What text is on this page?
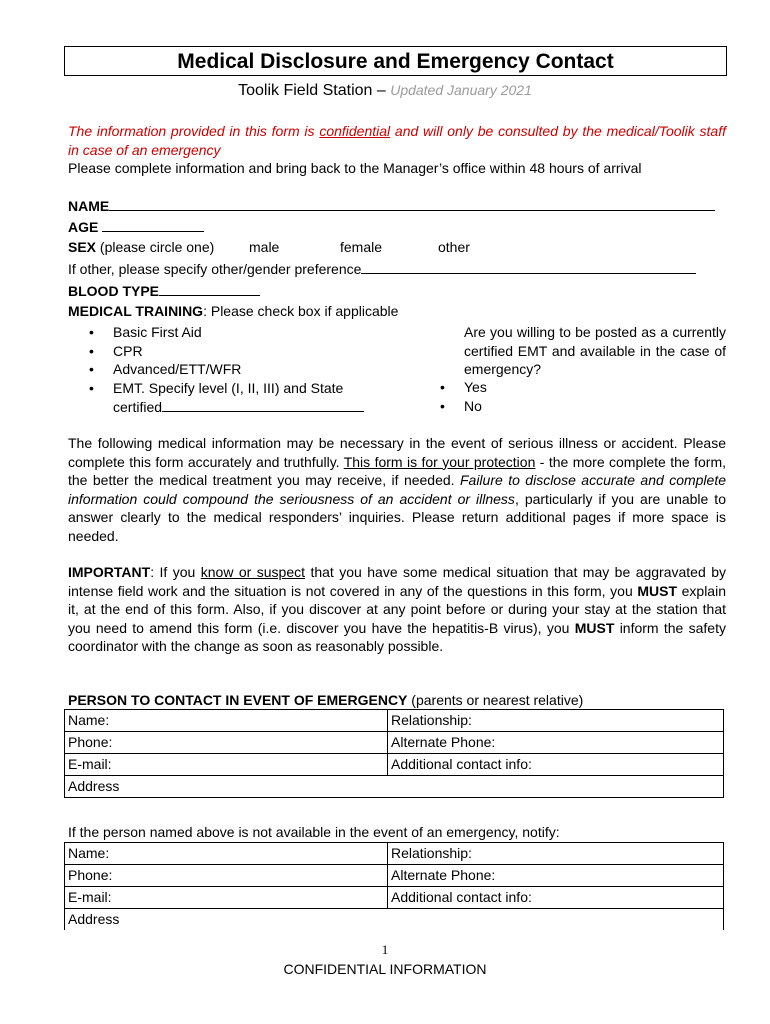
Medical Disclosure and Emergency Contact
Toolik Field Station – Updated January 2021
The information provided in this form is confidential and will only be consulted by the medical/Toolik staff in case of an emergency
Please complete information and bring back to the Manager’s office within 48 hours of arrival
NAME
AGE
SEX (please circle one) male	female	other
If other, please specify other/gender preference
BLOOD TYPE
MEDICAL TRAINING: Please check box if applicable
• Basic First Aid
• CPR
• Advanced/ETT/WFR
• EMT. Specify level (I, II, III) and State
certified
Are you willing to be posted as a currently certified EMT and available in the case of emergency?
• Yes
• No
The following medical information may be necessary in the event of serious illness or accident. Please complete this form accurately and truthfully. This form is for your protection - the more complete the form, the better the medical treatment you may receive, if needed. Failure to disclose accurate and complete information could compound the seriousness of an accident or illness, particularly if you are unable to answer clearly to the medical responders’ inquiries. Please return additional pages if more space is needed.
IMPORTANT: If you know or suspect that you have some medical situation that may be aggravated by intense field work and the situation is not covered in any of the questions in this form, you MUST explain it, at the end of this form. Also, if you discover at any point before or during your stay at the station that you need to amend this form (i.e. discover you have the hepatitis-B virus), you MUST inform the safety coordinator with the change as soon as reasonably possible.
PERSON TO CONTACT IN EVENT OF EMERGENCY (parents or nearest relative)
Name:	Relationship:
Phone:	Alternate Phone:
E-mail:	Additional contact info:
Address	
If the person named above is not available in the event of an emergency, notify:
Name:	Relationship:
Phone:	Alternate Phone:
E-mail:	Additional contact info:
Address	
1
CONFIDENTIAL INFORMATION
